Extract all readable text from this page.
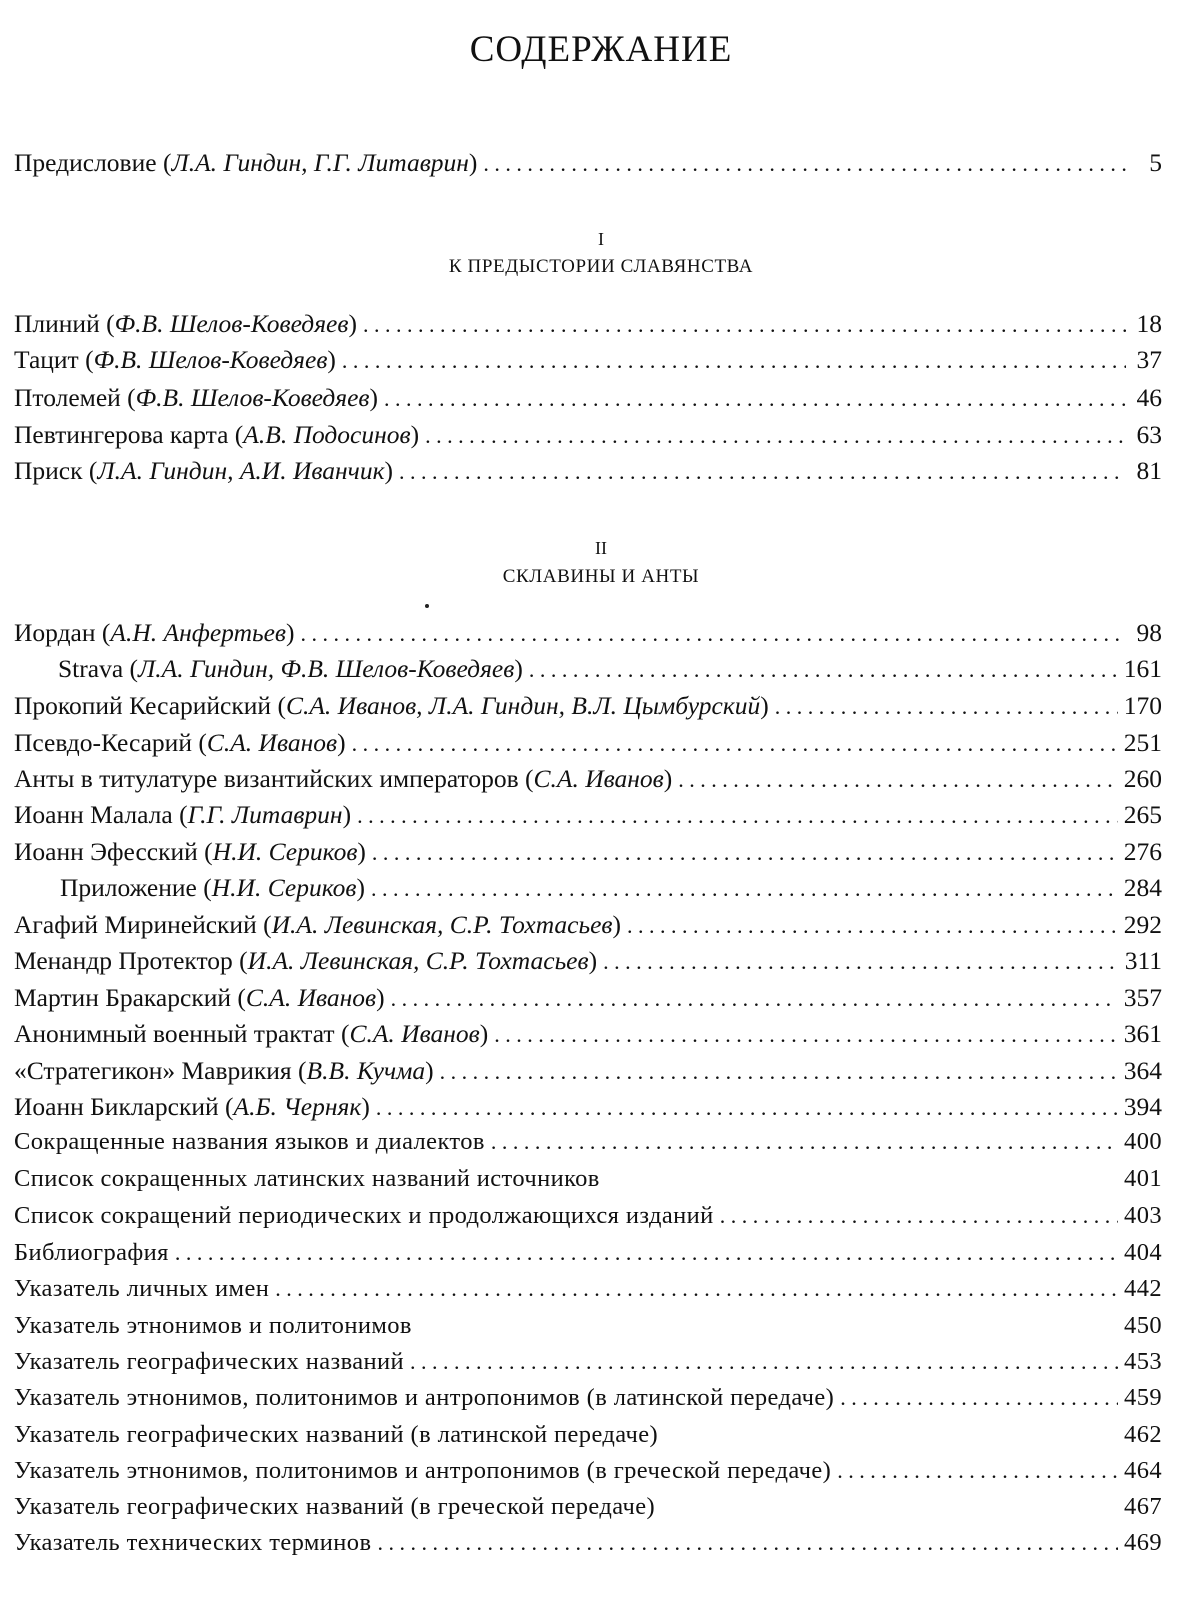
СОДЕРЖАНИЕ
Предисловие (Л.А. Гиндин, Г.Г. Литаврин) . . .	5

I

К ПРЕДЫСТОРИИ СЛАВЯНСТВА

Плиний (Ф.В. Шелов-Коведяев) . . .	18
Тацит (Ф.В. Шелов-Коведяев) . . .	37
Птолемей (Ф.В. Шелов-Коведяев) . . .	46
Певтингерова карта (А.В. Подосинов) . . .	63
Приск (Л.А. Гиндин, А.И. Иванчик) . . .	81

II

СКЛАВИНЫ И АНТЫ

Иордан (А.Н. Анфертьев) . . .	98
Strava (Л.А. Гиндин, Ф.В. Шелов-Коведяев) . . .	161
Прокопий Кесарийский (С.А. Иванов, Л.А. Гиндин, В.Л. Цымбурский) . . .	170
Псевдо-Кесарий (С.А. Иванов) . . .	251
Анты в титулатуре византийских императоров (С.А. Иванов) . . .	260
Иоанн Малала (Г.Г. Литаврин) . . .	265
Иоанн Эфесский (Н.И. Сериков) . . .	276
Приложение (Н.И. Сериков) . . .	284
Агафий Миринейский (И.А. Левинская, С.Р. Тохтасьев) . . .	292
Менандр Протектор (И.А. Левинская, С.Р. Тохтасьев) . . .	311
Мартин Бракарский (С.А. Иванов) . . .	357
Анонимный военный трактат (С.А. Иванов) . . .	361
«Стратегикон» Маврикия (В.В. Кучма) . . .	364
Иоанн Бикларский (А.Б. Черняк) . . .	394
Сокращенные названия языков и диалектов . . .	400
Список сокращенных латинских названий источников	401
Список сокращений периодических и продолжающихся изданий . . .	403
Библиография . . .	404
Указатель личных имен . . .	442
Указатель этнонимов и политонимов	450
Указатель географических названий . . .	453
Указатель этнонимов, политонимов и антропонимов (в латинской передаче) . . .	459
Указатель географических названий (в латинской передаче)	462
Указатель этнонимов, политонимов и антропонимов (в греческой передаче) . . .	464
Указатель географических названий (в греческой передаче)	467
Указатель технических терминов . . .	469
